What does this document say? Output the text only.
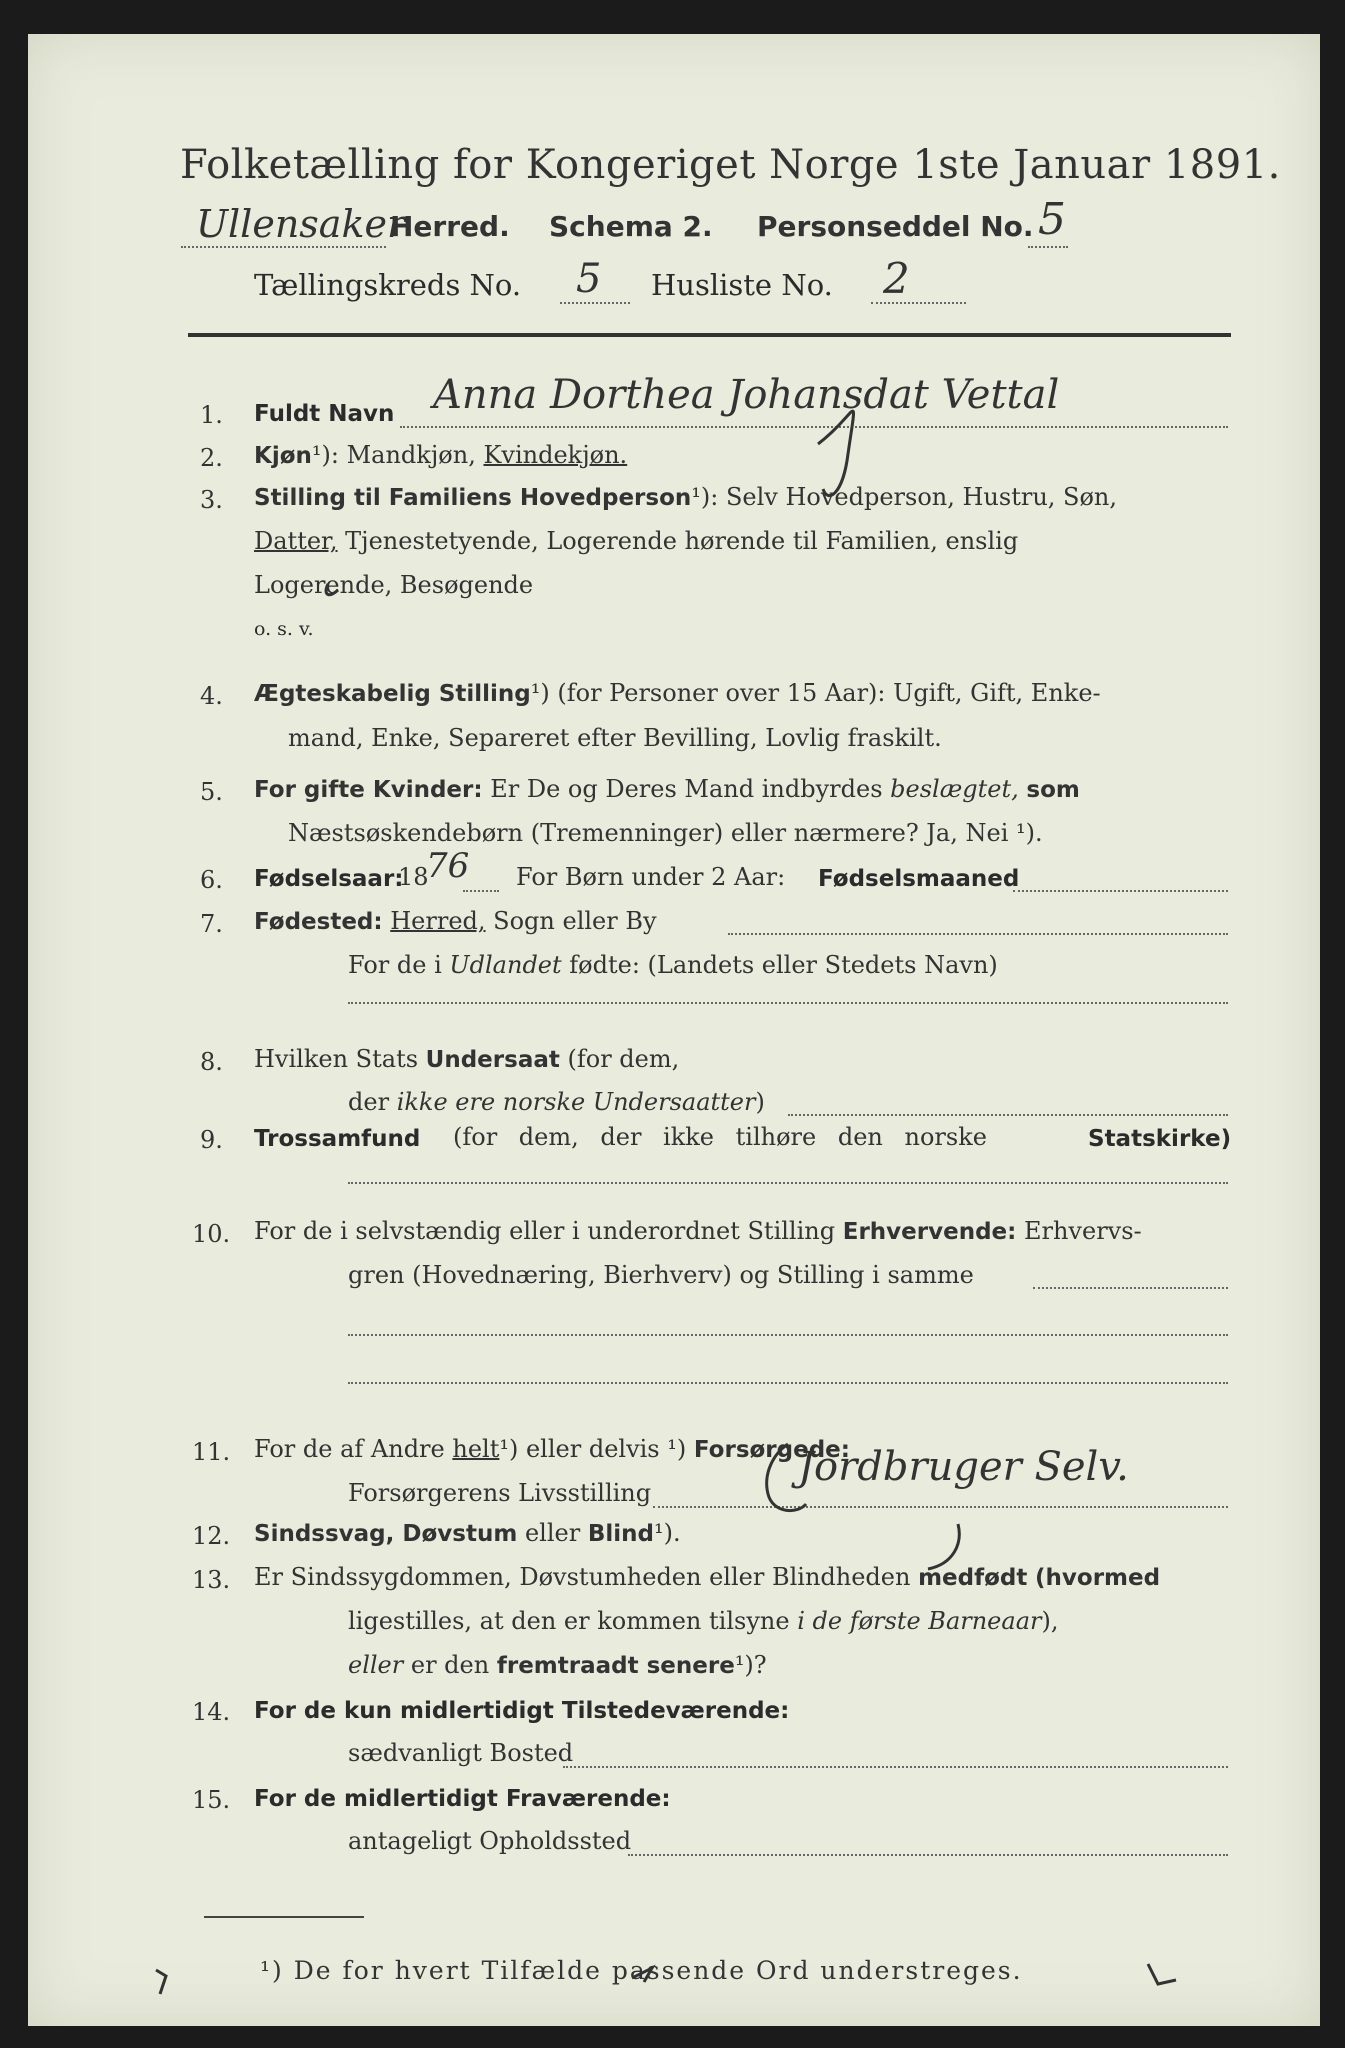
Folketælling for Kongeriget Norge 1ste Januar 1891.
Ullensaker
Herred. Schema 2. Personseddel No. 5
Tællingskreds No. 5 Husliste No. 2
1. Fuldt Navn Anna Dorthea Johansdat Vettal
2. Kjøn¹): Mandkjøn, Kvindekjøn.
3. Stilling til Familiens Hovedperson¹): Selv Hovedperson, Hustru, Søn,
Datter, Tjenestetyende, Logerende hørende til Familien, enslig
Logerende, Besøgende
o. s. v.
4. Ægteskabelig Stilling¹) (for Personer over 15 Aar): Ugift, Gift, Enke-
mand, Enke, Separeret efter Bevilling, Lovlig fraskilt.
5. For gifte Kvinder: Er De og Deres Mand indbyrdes beslægtet, som
Næstsøskendebørn (Tremenninger) eller nærmere? Ja, Nei ¹).
6. Fødselsaar:
18
76 For Børn under 2 Aar: Fødselsmaaned
7. Fødested: Herred, Sogn eller By
For de i Udlandet fødte: (Landets eller Stedets Navn)
8. Hvilken Stats Undersaat (for dem,
der ikke ere norske Undersaatter)
9. Trossamfund (for dem, der ikke tilhøre den norske	Statskirke)
10. For de i selvstændig eller i underordnet Stilling Erhvervende: Erhvervs-
gren (Hovednæring, Bierhverv) og Stilling i samme
11. For de af Andre helt¹) eller delvis ¹) Forsørgede:
Forsørgerens Livsstilling
Jordbruger Selv.
12. Sindssvag, Døvstum eller Blind¹).
13. Er Sindssygdommen, Døvstumheden eller Blindheden medfødt (hvormed
ligestilles, at den er kommen tilsyne i de første Barneaar),
eller er den fremtraadt senere¹)?
14. For de kun midlertidigt Tilstedeværende:
sædvanligt Bosted
15. For de midlertidigt Fraværende:
antageligt Opholdssted
¹) De for hvert Tilfælde passende Ord understreges.
